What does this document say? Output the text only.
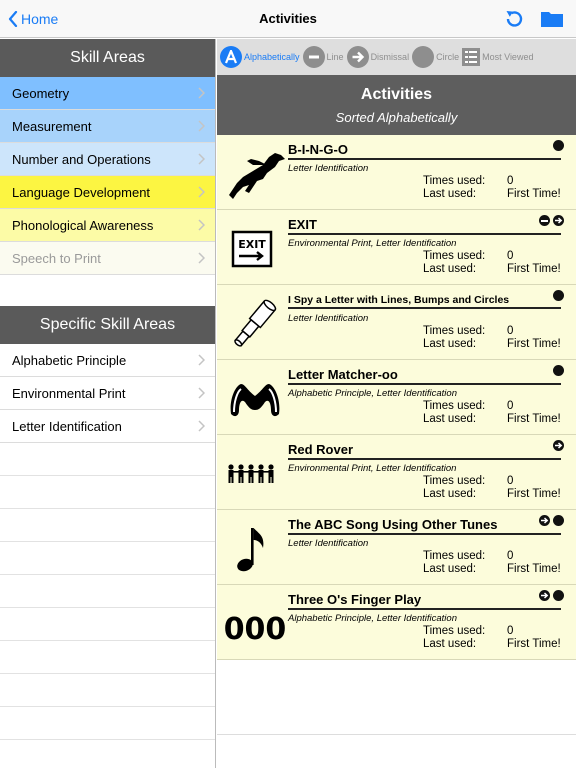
Home	Activities
Skill Areas
Geometry
Measurement
Number and Operations
Language Development
Phonological Awareness
Speech to Print
Specific Skill Areas
Alphabetic Principle
Environmental Print
Letter Identification
Alphabetically	Line	Dismissal	Circle	Most Viewed
Activities
Sorted Alphabetically
B-I-N-G-O
Letter Identification
Times used: 0
Last used:	First Time!
EXIT
EXIT
Environmental Print, Letter Identification
Times used: 0
Last used:	First Time!
I Spy a Letter with Lines, Bumps and Circles
Letter Identification
Times used: 0
Last used:	First Time!
Letter Matcher-oo
Alphabetic Principle, Letter Identification
Times used: 0
Last used:	First Time!
Red Rover
Environmental Print, Letter Identification
Times used: 0
Last used:	First Time!
The ABC Song Using Other Tunes
Letter Identification
Times used: 0
Last used:	First Time!
000
Three O's Finger Play
Alphabetic Principle, Letter Identification
Times used: 0
Last used:	First Time!
